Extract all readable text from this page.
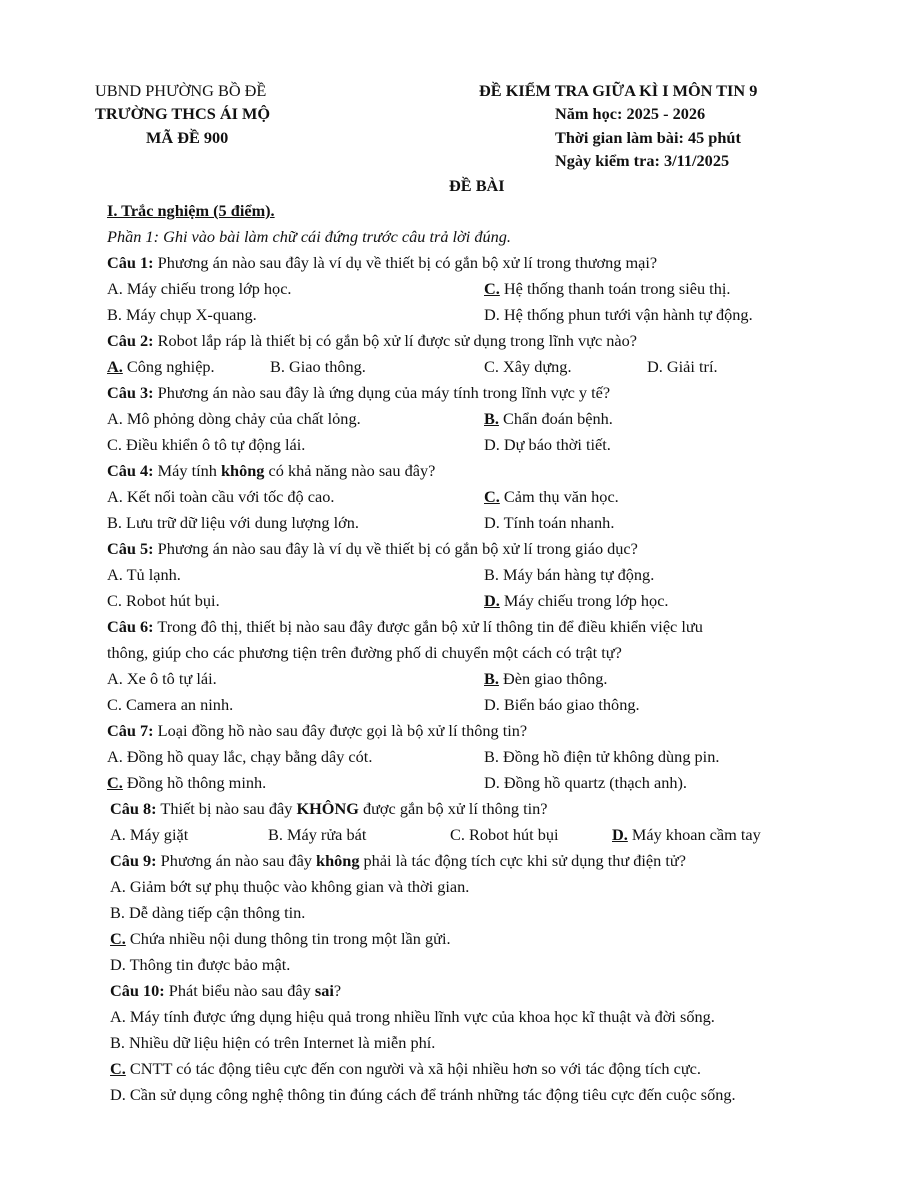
UBND PHƯỜNG BỒ ĐỀ
TRƯỜNG THCS ÁI MỘ
MÃ ĐỀ 900
ĐỀ KIỂM TRA GIỮA KÌ I MÔN TIN 9
Năm học: 2025 - 2026
Thời gian làm bài: 45 phút
Ngày kiểm tra: 3/11/2025
ĐỀ BÀI
I. Trắc nghiệm (5 điểm).
Phần 1: Ghi vào bài làm chữ cái đứng trước câu trả lời đúng.
Câu 1: Phương án nào sau đây là ví dụ về thiết bị có gắn bộ xử lí trong thương mại?
A. Máy chiếu trong lớp học.	C. Hệ thống thanh toán trong siêu thị.
B. Máy chụp X-quang.	D. Hệ thống phun tưới vận hành tự động.
Câu 2: Robot lắp ráp là thiết bị có gắn bộ xử lí được sử dụng trong lĩnh vực nào?
A. Công nghiệp.	B. Giao thông.	C. Xây dựng.	D. Giải trí.
Câu 3: Phương án nào sau đây là ứng dụng của máy tính trong lĩnh vực y tế?
A. Mô phỏng dòng chảy của chất lỏng.	B. Chẩn đoán bệnh.
C. Điều khiển ô tô tự động lái.	D. Dự báo thời tiết.
Câu 4: Máy tính không có khả năng nào sau đây?
A. Kết nối toàn cầu với tốc độ cao.	C. Cảm thụ văn học.
B. Lưu trữ dữ liệu với dung lượng lớn.	D. Tính toán nhanh.
Câu 5: Phương án nào sau đây là ví dụ về thiết bị có gắn bộ xử lí trong giáo dục?
A. Tủ lạnh.	B. Máy bán hàng tự động.
C. Robot hút bụi.	D. Máy chiếu trong lớp học.
Câu 6: Trong đô thị, thiết bị nào sau đây được gắn bộ xử lí thông tin để điều khiển việc lưu
thông, giúp cho các phương tiện trên đường phố di chuyển một cách có trật tự?
A. Xe ô tô tự lái.	B. Đèn giao thông.
C. Camera an ninh.	D. Biển báo giao thông.
Câu 7: Loại đồng hồ nào sau đây được gọi là bộ xử lí thông tin?
A. Đồng hồ quay lắc, chạy bằng dây cót.	B. Đồng hồ điện tử không dùng pin.
C. Đồng hồ thông minh.	D. Đồng hồ quartz (thạch anh).
Câu 8: Thiết bị nào sau đây KHÔNG được gắn bộ xử lí thông tin?
A. Máy giặt	B. Máy rửa bát	C. Robot hút bụi	D. Máy khoan cầm tay
Câu 9: Phương án nào sau đây không phải là tác động tích cực khi sử dụng thư điện tử?
A. Giảm bớt sự phụ thuộc vào không gian và thời gian.
B. Dễ dàng tiếp cận thông tin.
C. Chứa nhiều nội dung thông tin trong một lần gửi.
D. Thông tin được bảo mật.
Câu 10: Phát biểu nào sau đây sai?
A. Máy tính được ứng dụng hiệu quả trong nhiều lĩnh vực của khoa học kĩ thuật và đời sống.
B. Nhiều dữ liệu hiện có trên Internet là miễn phí.
C. CNTT có tác động tiêu cực đến con người và xã hội nhiều hơn so với tác động tích cực.
D. Cần sử dụng công nghệ thông tin đúng cách để tránh những tác động tiêu cực đến cuộc sống.
